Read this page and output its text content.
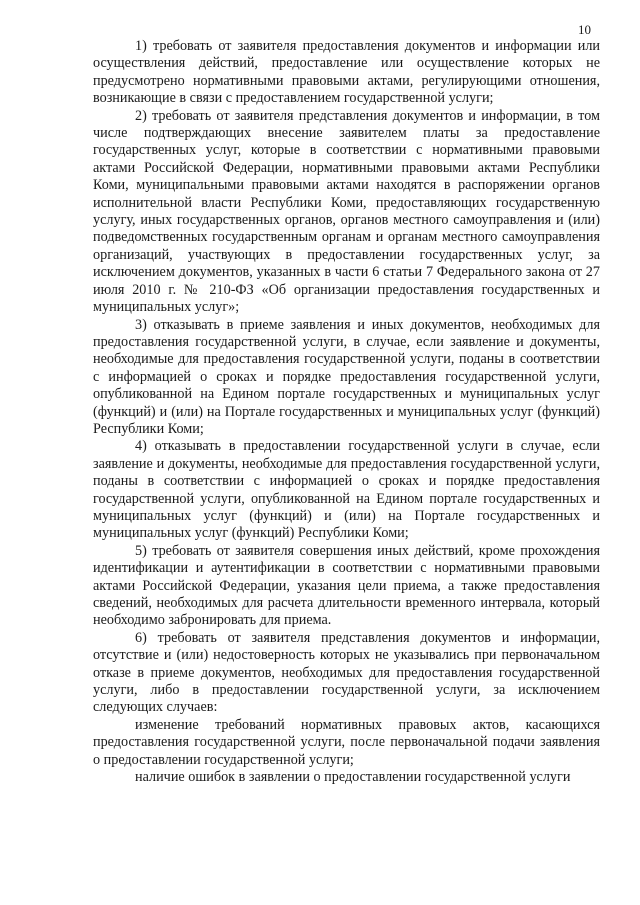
10

1) требовать от заявителя предоставления документов и информации или осуществления действий, предоставление или осуществление которых не предусмотрено нормативными правовыми актами, регулирующими отношения, возникающие в связи с предоставлением государственной услуги;

2) требовать от заявителя представления документов и информации, в том числе подтверждающих внесение заявителем платы за предоставление государственных услуг, которые в соответствии с нормативными правовыми актами Российской Федерации, нормативными правовыми актами Республики Коми, муниципальными правовыми актами находятся в распоряжении органов исполнительной власти Республики Коми, предоставляющих государственную услугу, иных государственных органов, органов местного самоуправления и (или) подведомственных государственным органам и органам местного самоуправления организаций, участвующих в предоставлении государственных услуг, за исключением документов, указанных в части 6 статьи 7 Федерального закона от 27 июля 2010 г. № 210-ФЗ «Об организации предоставления государственных и муниципальных услуг»;

3) отказывать в приеме заявления и иных документов, необходимых для предоставления государственной услуги, в случае, если заявление и документы, необходимые для предоставления государственной услуги, поданы в соответствии с информацией о сроках и порядке предоставления государственной услуги, опубликованной на Едином портале государственных и муниципальных услуг (функций) и (или) на Портале государственных и муниципальных услуг (функций) Республики Коми;

4) отказывать в предоставлении государственной услуги в случае, если заявление и документы, необходимые для предоставления государственной услуги, поданы в соответствии с информацией о сроках и порядке предоставления государственной услуги, опубликованной на Едином портале государственных и муниципальных услуг (функций) и (или) на Портале государственных и муниципальных услуг (функций) Республики Коми;

5) требовать от заявителя совершения иных действий, кроме прохождения идентификации и аутентификации в соответствии с нормативными правовыми актами Российской Федерации, указания цели приема, а также предоставления сведений, необходимых для расчета длительности временного интервала, который необходимо забронировать для приема.

6) требовать от заявителя представления документов и информации, отсутствие и (или) недостоверность которых не указывались при первоначальном отказе в приеме документов, необходимых для предоставления государственной услуги, либо в предоставлении государственной услуги, за исключением следующих случаев:

изменение требований нормативных правовых актов, касающихся предоставления государственной услуги, после первоначальной подачи заявления о предоставлении государственной услуги;

наличие ошибок в заявлении о предоставлении государственной услуги
